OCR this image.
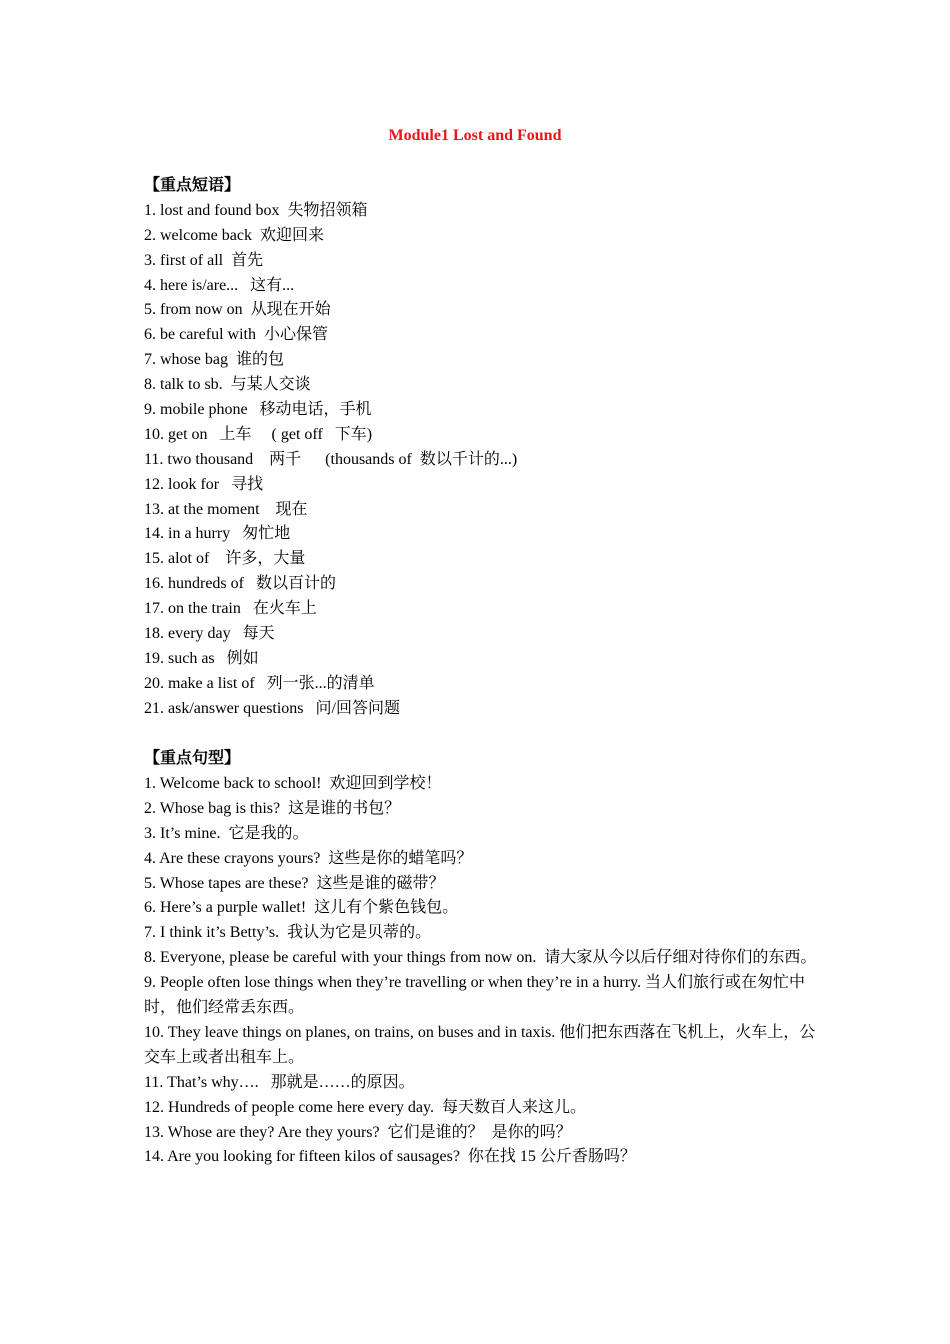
Module1 Lost and Found
【重点短语】
1. lost and found box  失物招领箱
2. welcome back  欢迎回来
3. first of all  首先
4. here is/are...   这有...
5. from now on  从现在开始
6. be careful with  小心保管
7. whose bag  谁的包
8. talk to sb.  与某人交谈
9. mobile phone   移动电话，手机
10. get on   上车     ( get off   下车)
11. two thousand    两千      (thousands of  数以千计的...)
12. look for   寻找
13. at the moment    现在
14. in a hurry   匆忙地
15. alot of    许多，大量
16. hundreds of   数以百计的
17. on the train   在火车上
18. every day   每天
19. such as   例如
20. make a list of   列一张...的清单
21. ask/answer questions   问/回答问题
【重点句型】
1. Welcome back to school!  欢迎回到学校！
2. Whose bag is this?  这是谁的书包？
3. It’s mine.  它是我的。
4. Are these crayons yours?  这些是你的蜡笔吗？
5. Whose tapes are these?  这些是谁的磁带？
6. Here’s a purple wallet!  这儿有个紫色钱包。
7. I think it’s Betty’s.  我认为它是贝蒂的。
8. Everyone, please be careful with your things from now on.  请大家从今以后仔细对待你们的东西。
9. People often lose things when they’re travelling or when they’re in a hurry. 当人们旅行或在匆忙中时，他们经常丢东西。
10. They leave things on planes, on trains, on buses and in taxis. 他们把东西落在飞机上，火车上，公交车上或者出租车上。
11. That’s why….   那就是……的原因。
12. Hundreds of people come here every day.  每天数百人来这儿。
13. Whose are they? Are they yours?  它们是谁的？  是你的吗？
14. Are you looking for fifteen kilos of sausages?  你在找 15 公斤香肠吗？
